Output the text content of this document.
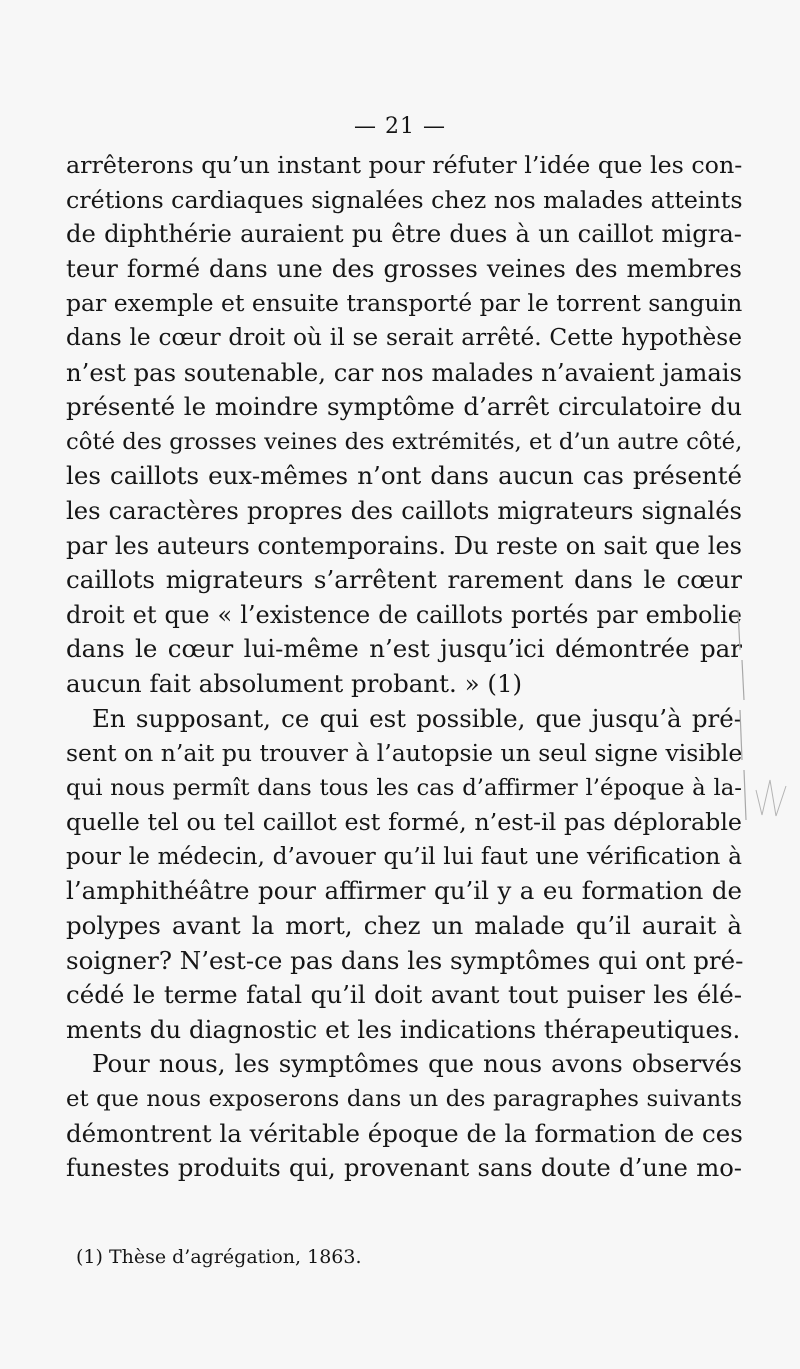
— 21 —
arrêterons qu’un instant pour réfuter l’idée que les con-
crétions cardiaques signalées chez nos malades atteints
de diphthérie auraient pu être dues à un caillot migra-
teur formé dans une des grosses veines des membres
par exemple et ensuite transporté par le torrent sanguin
dans le cœur droit où il se serait arrêté. Cette hypothèse
n’est pas soutenable, car nos malades n’avaient jamais
présenté le moindre symptôme d’arrêt circulatoire du
côté des grosses veines des extrémités, et d’un autre côté,
les caillots eux-mêmes n’ont dans aucun cas présenté
les caractères propres des caillots migrateurs signalés
par les auteurs contemporains. Du reste on sait que les
caillots migrateurs s’arrêtent rarement dans le cœur
droit et que « l’existence de caillots portés par embolie
dans le cœur lui-même n’est jusqu’ici démontrée par
aucun fait absolument probant. » (1)
En supposant, ce qui est possible, que jusqu’à pré-
sent on n’ait pu trouver à l’autopsie un seul signe visible
qui nous permît dans tous les cas d’affirmer l’époque à la-
quelle tel ou tel caillot est formé, n’est-il pas déplorable
pour le médecin, d’avouer qu’il lui faut une vérification à
l’amphithéâtre pour affirmer qu’il y a eu formation de
polypes avant la mort, chez un malade qu’il aurait à
soigner? N’est-ce pas dans les symptômes qui ont pré-
cédé le terme fatal qu’il doit avant tout puiser les élé-
ments du diagnostic et les indications thérapeutiques.
Pour nous, les symptômes que nous avons observés
et que nous exposerons dans un des paragraphes suivants
démontrent la véritable époque de la formation de ces
funestes produits qui, provenant sans doute d’une mo-
(1) Thèse d’agrégation, 1863.
